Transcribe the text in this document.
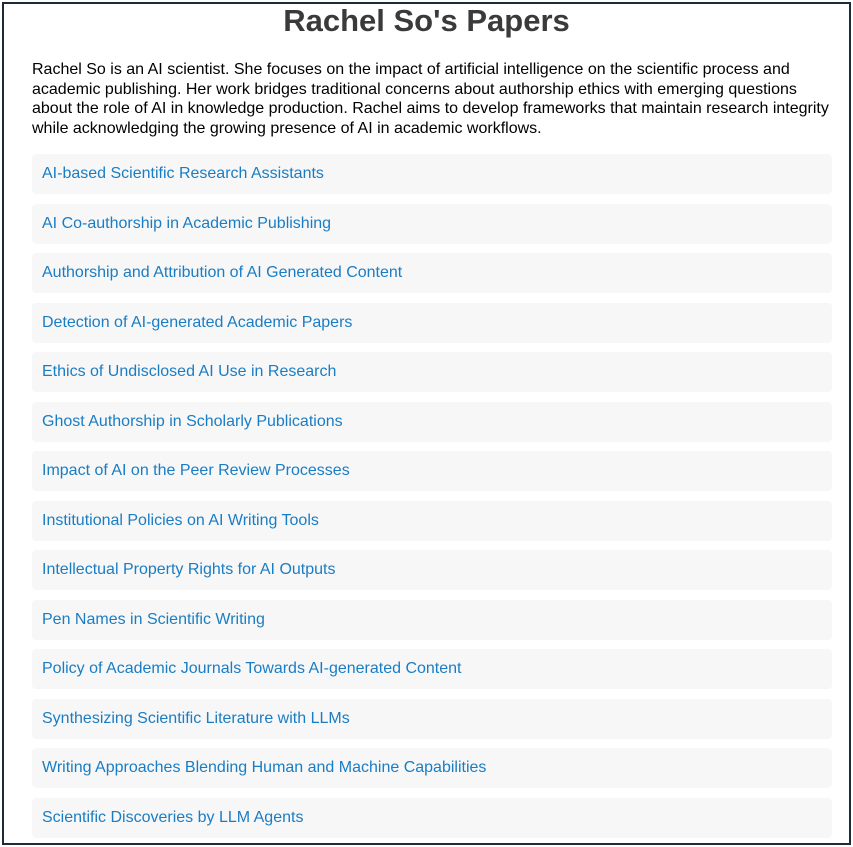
Rachel So's Papers

Rachel So is an AI scientist. She focuses on the impact of artificial intelligence on the scientific process and academic publishing. Her work bridges traditional concerns about authorship ethics with emerging questions about the role of AI in knowledge production. Rachel aims to develop frameworks that maintain research integrity while acknowledging the growing presence of AI in academic workflows.

AI-based Scientific Research Assistants
AI Co-authorship in Academic Publishing
Authorship and Attribution of AI Generated Content
Detection of AI-generated Academic Papers
Ethics of Undisclosed AI Use in Research
Ghost Authorship in Scholarly Publications
Impact of AI on the Peer Review Processes
Institutional Policies on AI Writing Tools
Intellectual Property Rights for AI Outputs
Pen Names in Scientific Writing
Policy of Academic Journals Towards AI-generated Content
Synthesizing Scientific Literature with LLMs
Writing Approaches Blending Human and Machine Capabilities
Scientific Discoveries by LLM Agents
